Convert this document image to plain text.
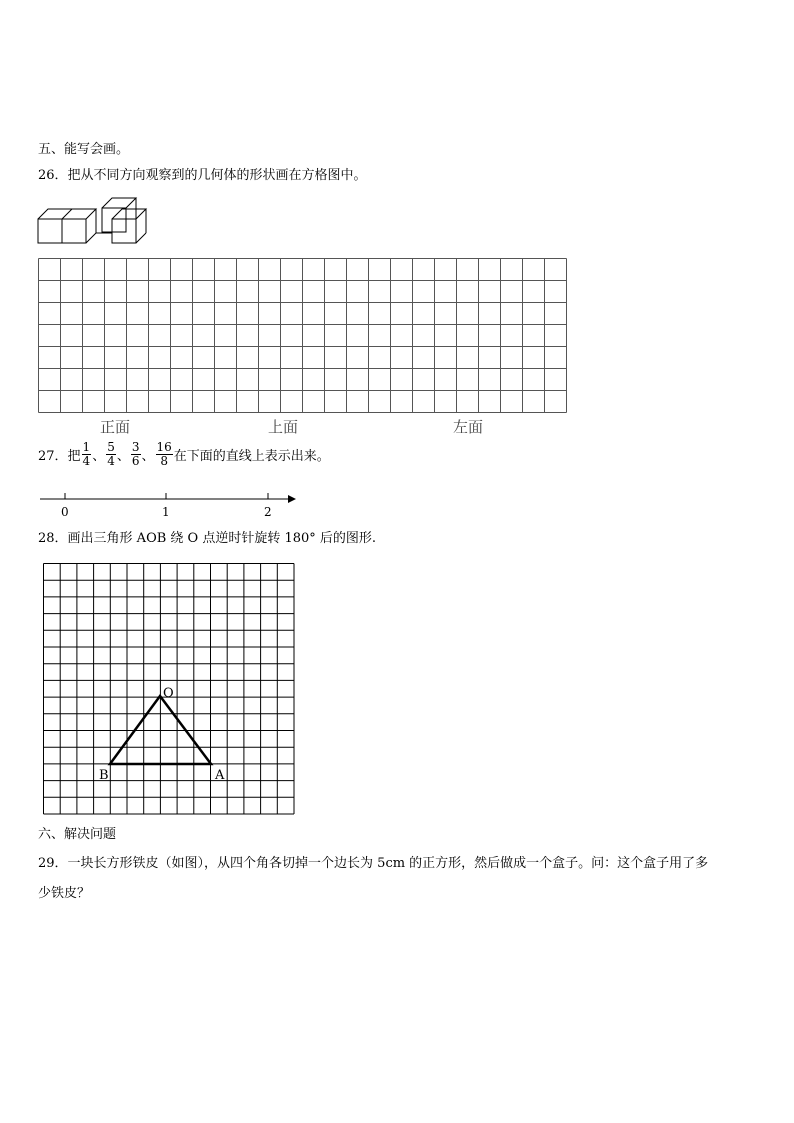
五、能写会画。
26．把从不同方向观察到的几何体的形状画在方格图中。
正面	上面	左面
27．把 $\frac{1}{4}$ 、 $\frac{5}{4}$ 、 $\frac{3}{6}$ 、 $\frac{16}{8}$ 在下面的直线上表示出来。
0	1	2
28．画出三角形 AOB 绕 O 点逆时针旋转 180° 后的图形.
O
B	A
六、解决问题
29．一块长方形铁皮（如图），从四个角各切掉一个边长为 5cm 的正方形，然后做成一个盒子。问：这个盒子用了多
少铁皮？
